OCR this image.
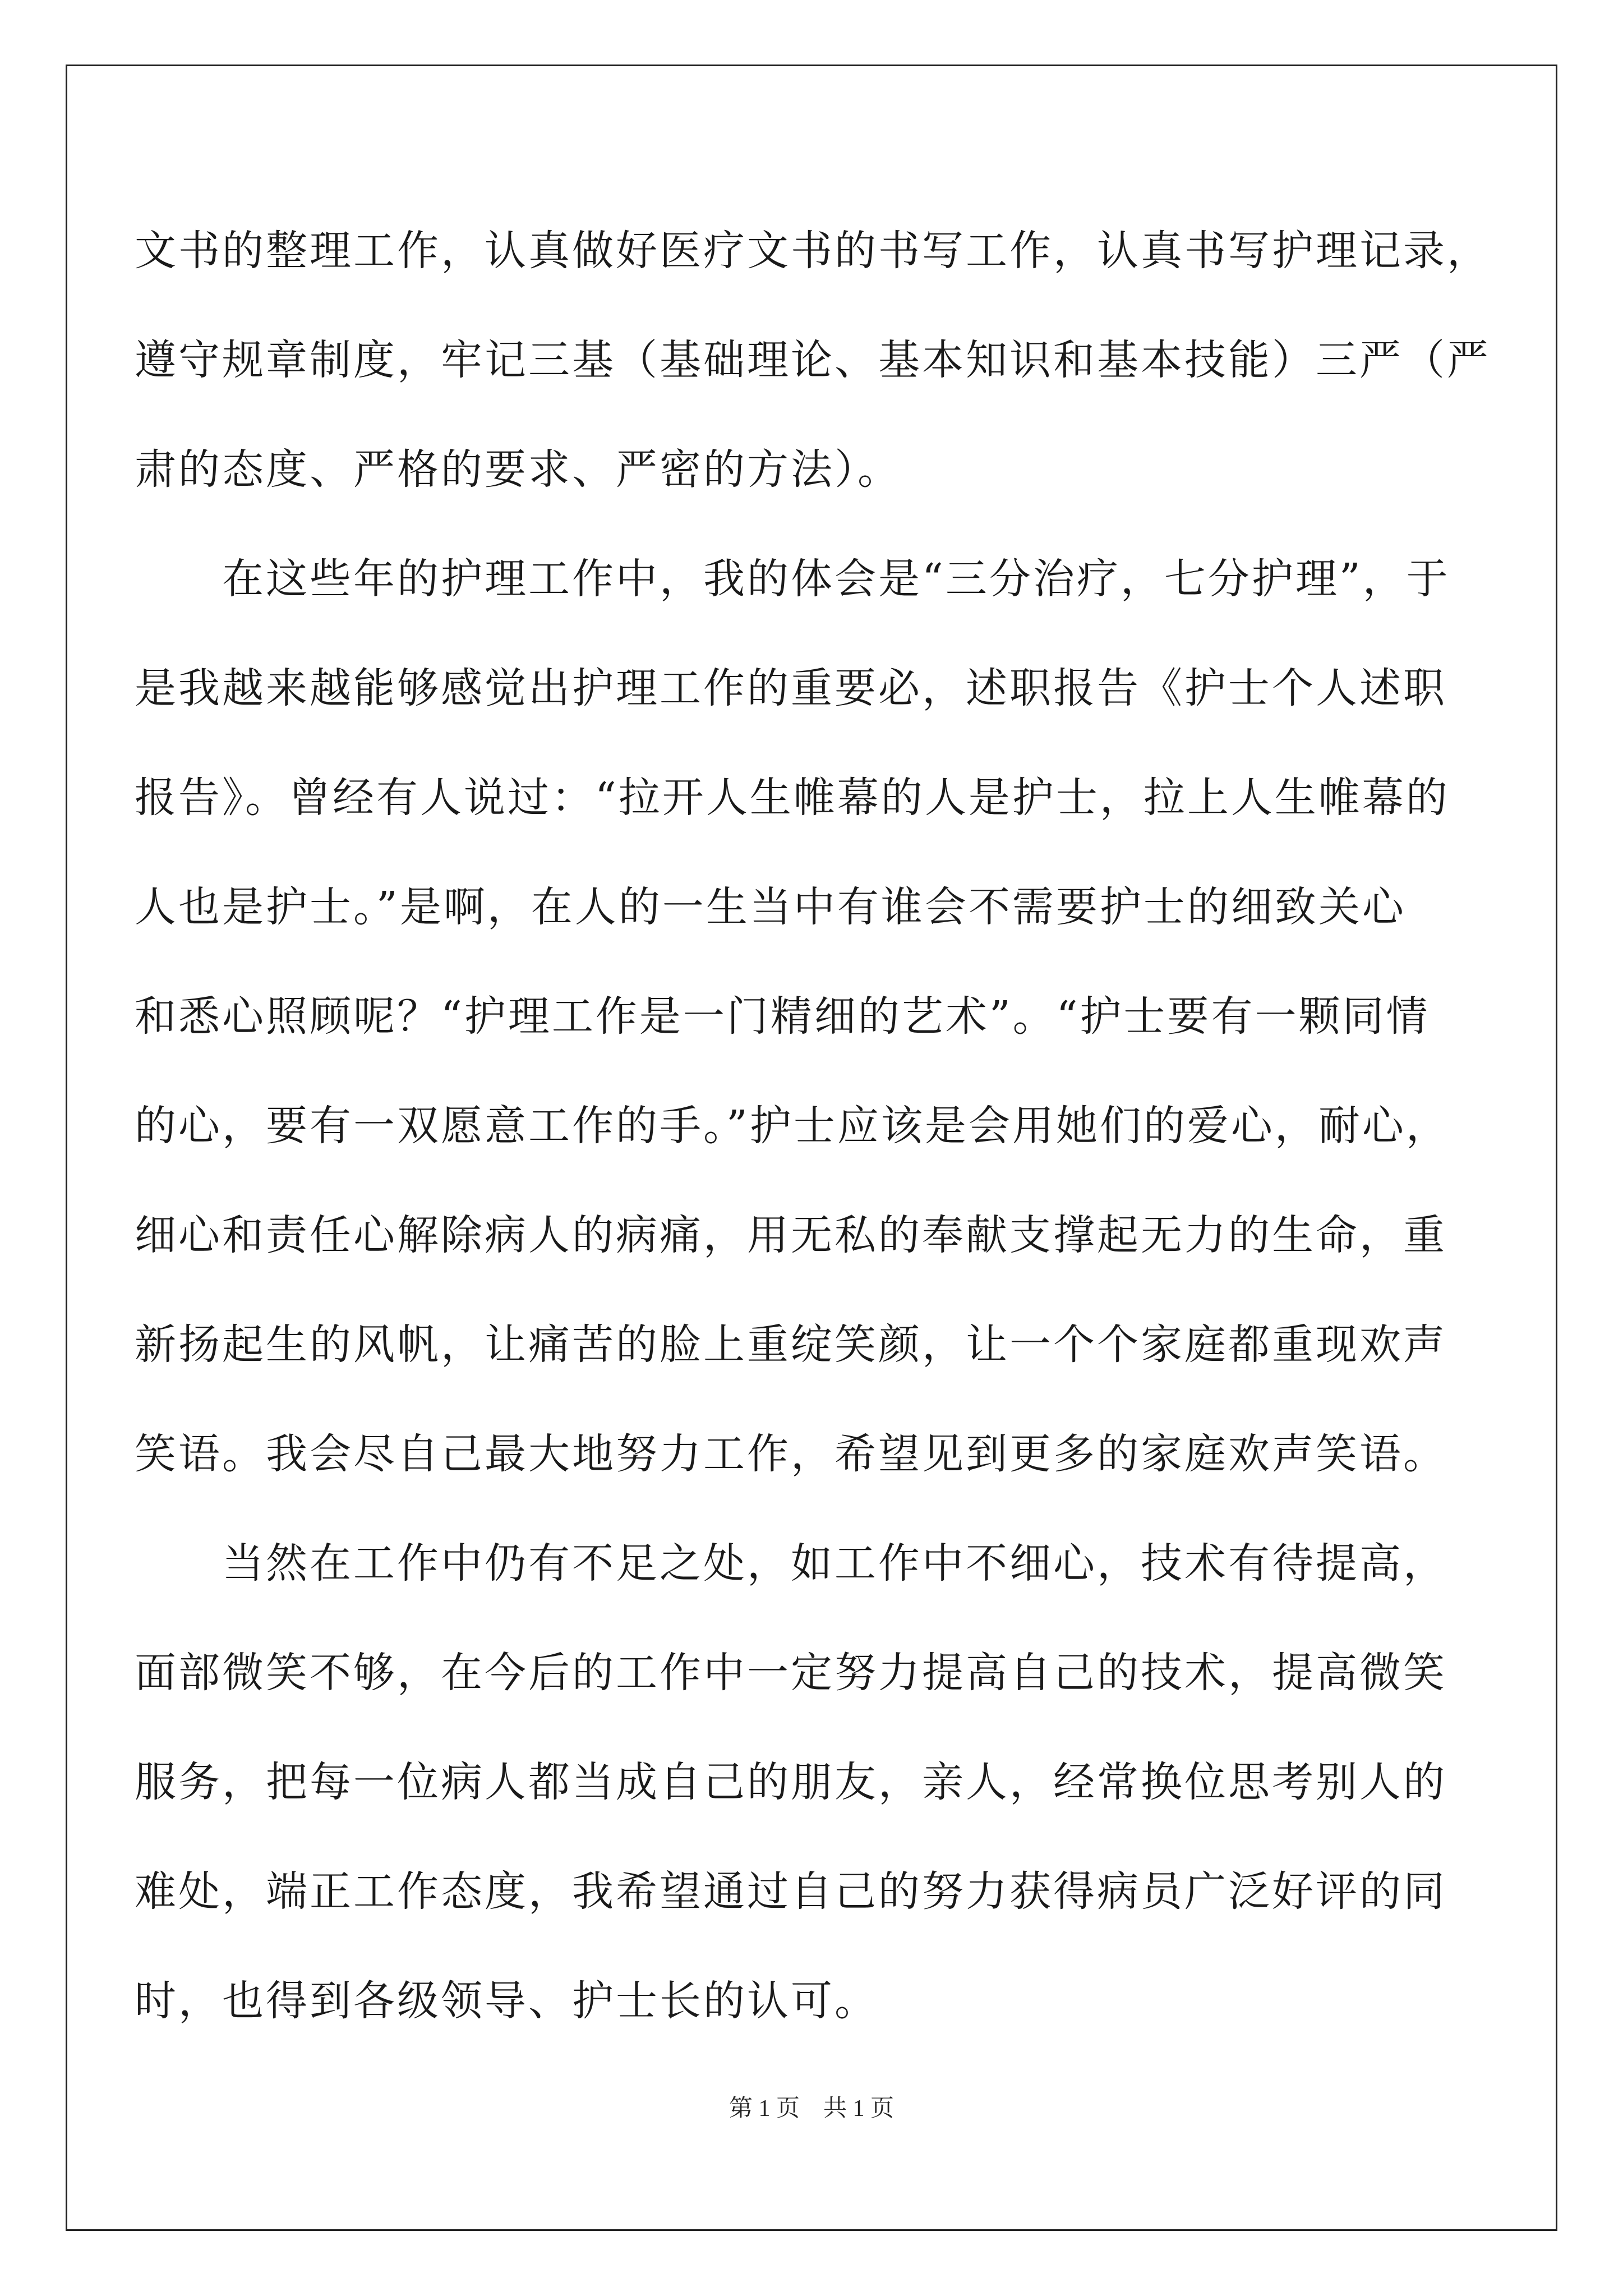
文书的整理工作，认真做好医疗文书的书写工作，认真书写护理记录，
遵守规章制度，牢记三基（基础理论、基本知识和基本技能）三严（严
肃的态度、严格的要求、严密的方法）。

　　在这些年的护理工作中，我的体会是“三分治疗，七分护理”，于
是我越来越能够感觉出护理工作的重要必，述职报告《护士个人述职
报告》。曾经有人说过：“拉开人生帷幕的人是护士，拉上人生帷幕的
人也是护士。”是啊，在人的一生当中有谁会不需要护士的细致关心
和悉心照顾呢？“护理工作是一门精细的艺术”。“护士要有一颗同情
的心，要有一双愿意工作的手。”护士应该是会用她们的爱心，耐心，
细心和责任心解除病人的病痛，用无私的奉献支撑起无力的生命，重
新扬起生的风帆，让痛苦的脸上重绽笑颜，让一个个家庭都重现欢声
笑语。我会尽自己最大地努力工作，希望见到更多的家庭欢声笑语。

　　当然在工作中仍有不足之处，如工作中不细心，技术有待提高，
面部微笑不够，在今后的工作中一定努力提高自己的技术，提高微笑
服务，把每一位病人都当成自己的朋友，亲人，经常换位思考别人的
难处，端正工作态度，我希望通过自己的努力获得病员广泛好评的同
时，也得到各级领导、护士长的认可。

第 1 页　共 1 页
